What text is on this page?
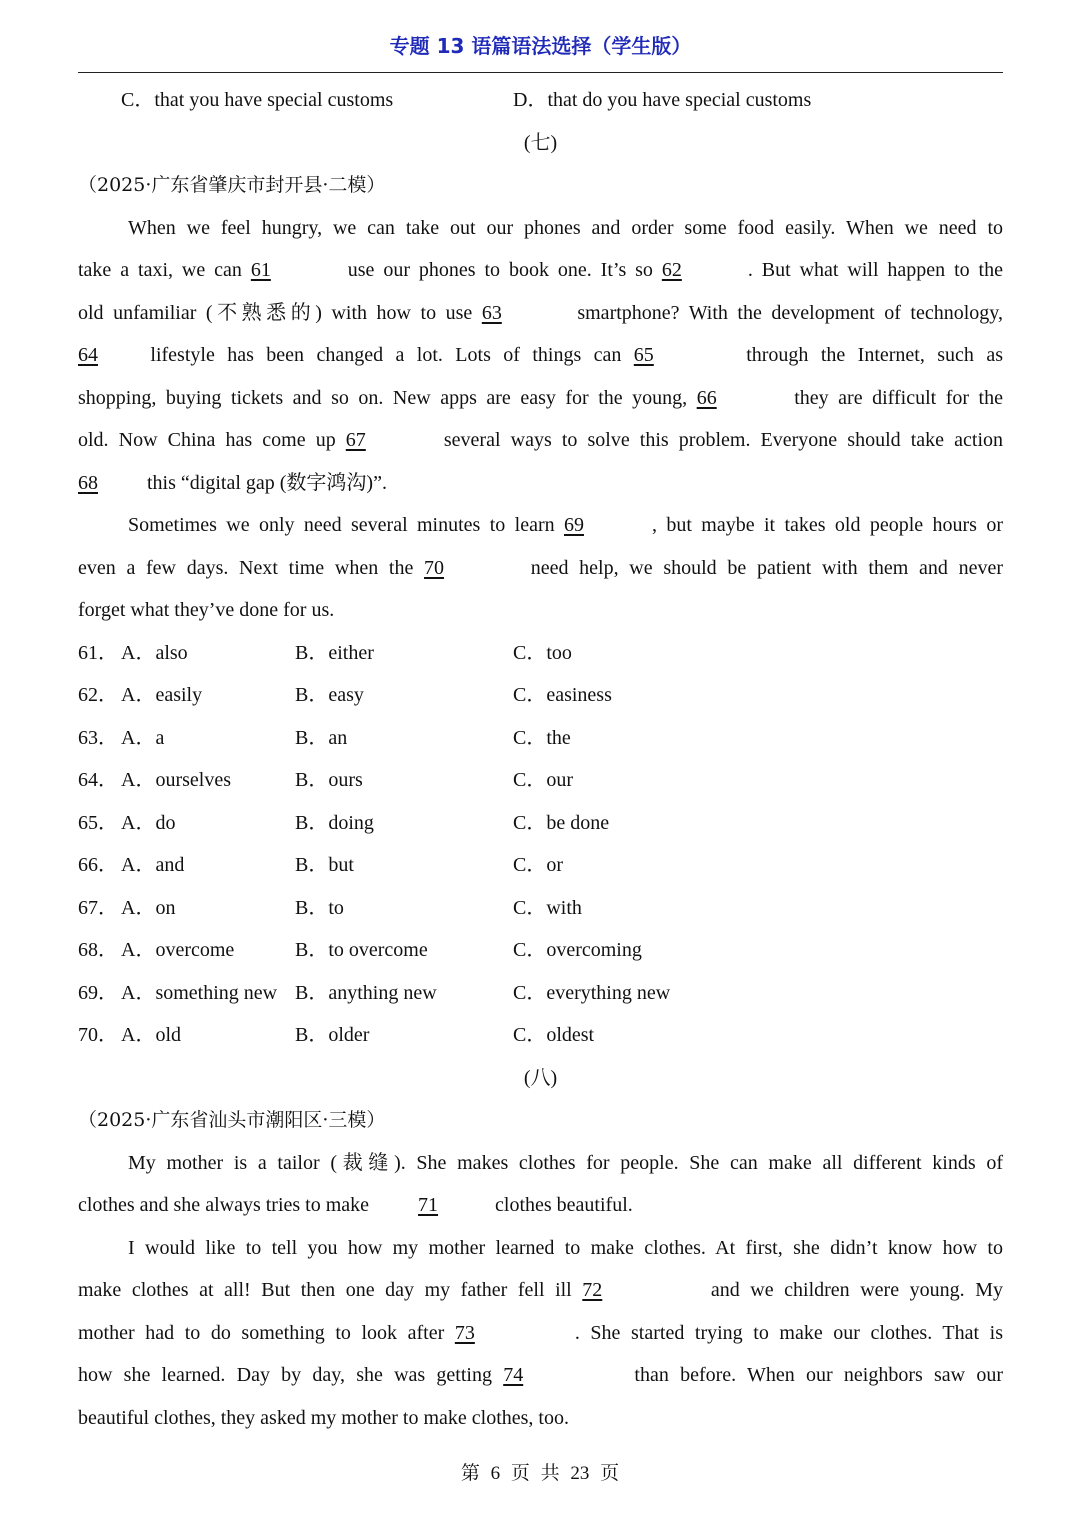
专题 13 语篇语法选择（学生版）
C．that you have special customs	D．that do you have special customs
(七)
（2025·广东省肇庆市封开县·二模）
When we feel hungry, we can take out our phones and order some food easily. When we need to
take a taxi, we can 61	use our phones to book one. It’s so 62	. But what will happen to the
old unfamiliar (不熟悉的) with how to use 63	smartphone? With the development of technology,
64 lifestyle has been changed a lot. Lots of things can 65	through the Internet, such as
shopping, buying tickets and so on. New apps are easy for the young, 66	they are difficult for the
old. Now China has come up 67	several ways to solve this problem. Everyone should take action
68 this “digital gap (数字鸿沟)”.
Sometimes we only need several minutes to learn 69	, but maybe it takes old people hours or
even a few days. Next time when the 70	need help, we should be patient with them and never
forget what they’ve done for us.
61． A．also	B．either	C．too
62． A．easily	B．easy	C．easiness
63． A．a	B．an	C．the
64． A．ourselves	B．ours	C．our
65． A．do	B．doing	C．be done
66． A．and	B．but	C．or
67． A．on	B．to	C．with
68． A．overcome	B．to overcome	C．overcoming
69． A．something new B．anything new	C．everything new
70． A．old	B．older	C．oldest
(八)
（2025·广东省汕头市潮阳区·三模）
My mother is a tailor (裁缝). She makes clothes for people. She can make all different kinds of
clothes and she always tries to make 71	clothes beautiful.
I would like to tell you how my mother learned to make clothes. At first, she didn’t know how to
make clothes at all! But then one day my father fell ill 72	and we children were young. My
mother had to do something to look after 73	. She started trying to make our clothes. That is
how she learned. Day by day, she was getting 74	than before. When our neighbors saw our
beautiful clothes, they asked my mother to make clothes, too.
第 6 页 共 23 页
